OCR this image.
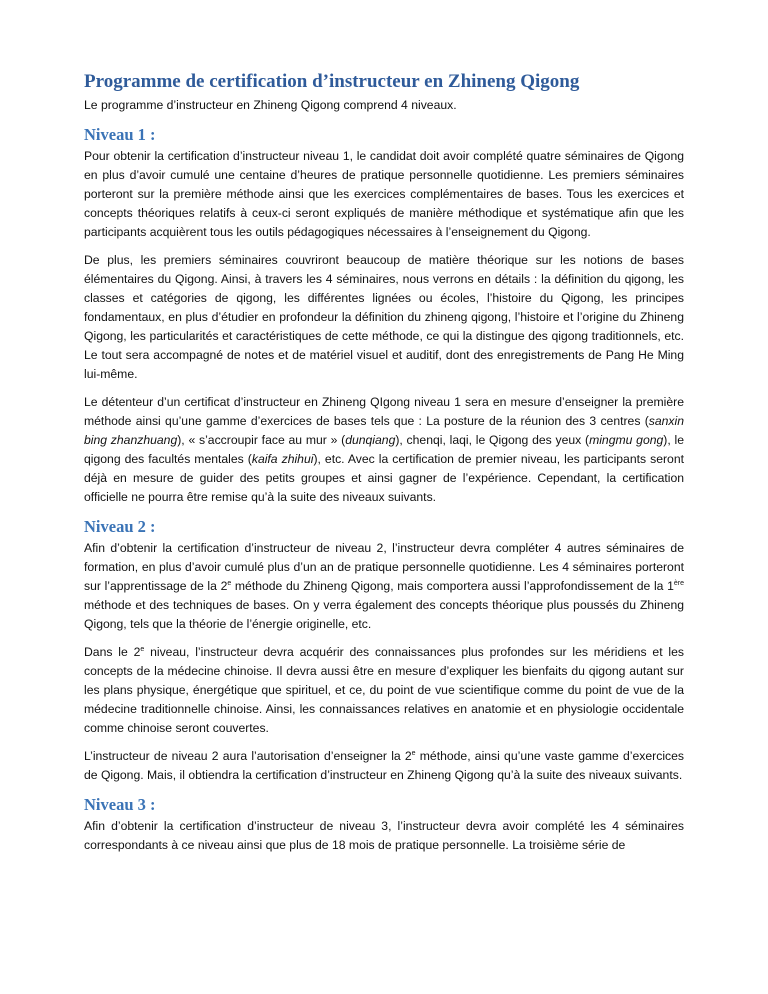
Programme de certification d’instructeur en Zhineng Qigong

Le programme d’instructeur en Zhineng Qigong comprend 4 niveaux.

Niveau 1 :

Pour obtenir la certification d’instructeur niveau 1, le candidat doit avoir complété quatre séminaires de Qigong en plus d’avoir cumulé une centaine d’heures de pratique personnelle quotidienne. Les premiers séminaires porteront sur la première méthode ainsi que les exercices complémentaires de bases. Tous les exercices et concepts théoriques relatifs à ceux-ci seront expliqués de manière méthodique et systématique afin que les participants acquièrent tous les outils pédagogiques nécessaires à l’enseignement du Qigong.

De plus, les premiers séminaires couvriront beaucoup de matière théorique sur les notions de bases élémentaires du Qigong. Ainsi, à travers les 4 séminaires, nous verrons en détails : la définition du qigong, les classes et catégories de qigong, les différentes lignées ou écoles, l’histoire du Qigong, les principes fondamentaux, en plus d’étudier en profondeur la définition du zhineng qigong, l’histoire et l’origine du Zhineng Qigong, les particularités et caractéristiques de cette méthode, ce qui la distingue des qigong traditionnels, etc. Le tout sera accompagné de notes et de matériel visuel et auditif, dont des enregistrements de Pang He Ming lui-même.

Le détenteur d’un certificat d’instructeur en Zhineng QIgong niveau 1 sera en mesure d’enseigner la première méthode ainsi qu’une gamme d’exercices de bases tels que : La posture de la réunion des 3 centres (sanxin bing zhanzhuang), « s’accroupir face au mur » (dunqiang), chenqi, laqi, le Qigong des yeux (mingmu gong), le qigong des facultés mentales (kaifa zhihui), etc. Avec la certification de premier niveau, les participants seront déjà en mesure de guider des petits groupes et ainsi gagner de l’expérience. Cependant, la certification officielle ne pourra être remise qu’à la suite des niveaux suivants.

Niveau 2 :

Afin d’obtenir la certification d’instructeur de niveau 2, l’instructeur devra compléter 4 autres séminaires de formation, en plus d’avoir cumulé plus d’un an de pratique personnelle quotidienne. Les 4 séminaires porteront sur l’apprentissage de la 2e méthode du Zhineng Qigong, mais comportera aussi l’approfondissement de la 1ère méthode et des techniques de bases. On y verra également des concepts théorique plus poussés du Zhineng Qigong, tels que la théorie de l’énergie originelle, etc.

Dans le 2e niveau, l’instructeur devra acquérir des connaissances plus profondes sur les méridiens et les concepts de la médecine chinoise. Il devra aussi être en mesure d’expliquer les bienfaits du qigong autant sur les plans physique, énergétique que spirituel, et ce, du point de vue scientifique comme du point de vue de la médecine traditionnelle chinoise. Ainsi, les connaissances relatives en anatomie et en physiologie occidentale comme chinoise seront couvertes.

L’instructeur de niveau 2 aura l’autorisation d’enseigner la 2e méthode, ainsi qu’une vaste gamme d’exercices de Qigong. Mais, il obtiendra la certification d’instructeur en Zhineng Qigong qu’à la suite des niveaux suivants.

Niveau 3 :

Afin d’obtenir la certification d’instructeur de niveau 3, l’instructeur devra avoir complété les 4 séminaires correspondants à ce niveau ainsi que plus de 18 mois de pratique personnelle. La troisième série de
